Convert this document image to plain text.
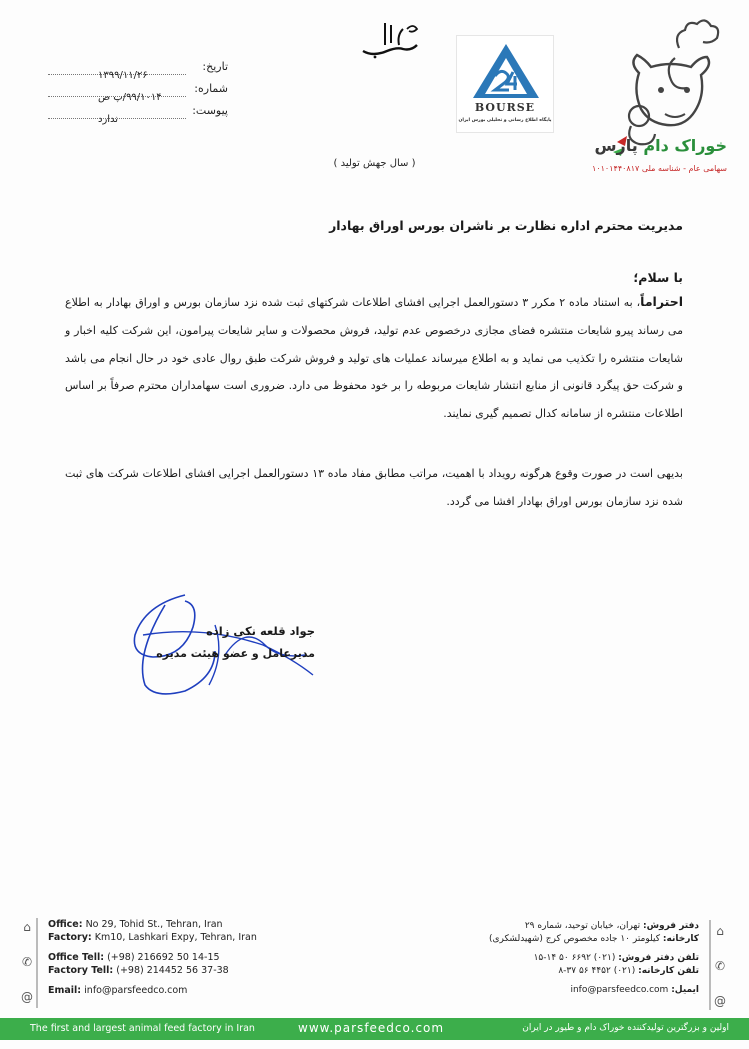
خوراک دام پارس
سهامی عام - شناسه ملی ۱۰۱۰۱۴۴۰۸۱۷
BOURSE
پایگاه اطلاع رسانی و تحلیلی بورس ایران
تاریخ:
۱۳۹۹/۱۱/۲۶
شماره:
۹۹/۱۰۱۴/پ ص
پیوست:
ندارد
( سال جهش تولید )
مدیریت محترم اداره نظارت بر ناشران بورس اوراق بهادار
با سلام؛
احتراماً، به استناد ماده ۲ مکرر ۳ دستورالعمل اجرایی افشای اطلاعات شرکتهای ثبت شده نزد سازمان بورس و اوراق بهادار به اطلاع می رساند پیرو شایعات منتشره فضای مجازی درخصوص عدم تولید، فروش محصولات و سایر شایعات پیرامون، این شرکت کلیه اخبار و شایعات منتشره را تکذیب می نماید و به اطلاع میرساند عملیات های تولید و فروش شرکت طبق روال عادی خود در حال انجام می باشد و شرکت حق پیگرد قانونی از منابع انتشار شایعات مربوطه را بر خود محفوظ می دارد. ضروری است سهامداران محترم صرفاً بر اساس اطلاعات منتشره از سامانه کدال تصمیم گیری نمایند.
بدیهی است در صورت وقوع هرگونه رویداد با اهمیت، مراتب مطابق مفاد ماده ۱۳ دستورالعمل اجرایی افشای اطلاعات شرکت های ثبت شده نزد سازمان بورس اوراق بهادار افشا می گردد.
جواد قلعه نکی زاده
مدیرعامل و عضو هیئت مدیره
⌂
✆
@
⌂
✆
@
Office: No 29, Tohid St., Tehran, Iran
Factory: Km10, Lashkari Expy, Tehran, Iran
Office Tell: (+98) 216692 50 14-15
Factory Tell: (+98) 214452 56 37-38
Email: info@parsfeedco.com
دفتر فروش: تهران، خیابان توحید، شماره ۲۹
کارخانه: کیلومتر ۱۰ جاده مخصوص کرج (شهیدلشکری)
تلفن دفتر فروش: (۰۲۱) ۶۶۹۲ ۵۰ ۱۴-۱۵
تلفن کارخانه: (۰۲۱) ۴۴۵۲ ۵۶ ۳۷-۸
ایمیل: info@parsfeedco.com
The first and largest animal feed factory in Iran	www.parsfeedco.com	اولین و بزرگترین تولیدکننده خوراک دام و طیور در ایران
